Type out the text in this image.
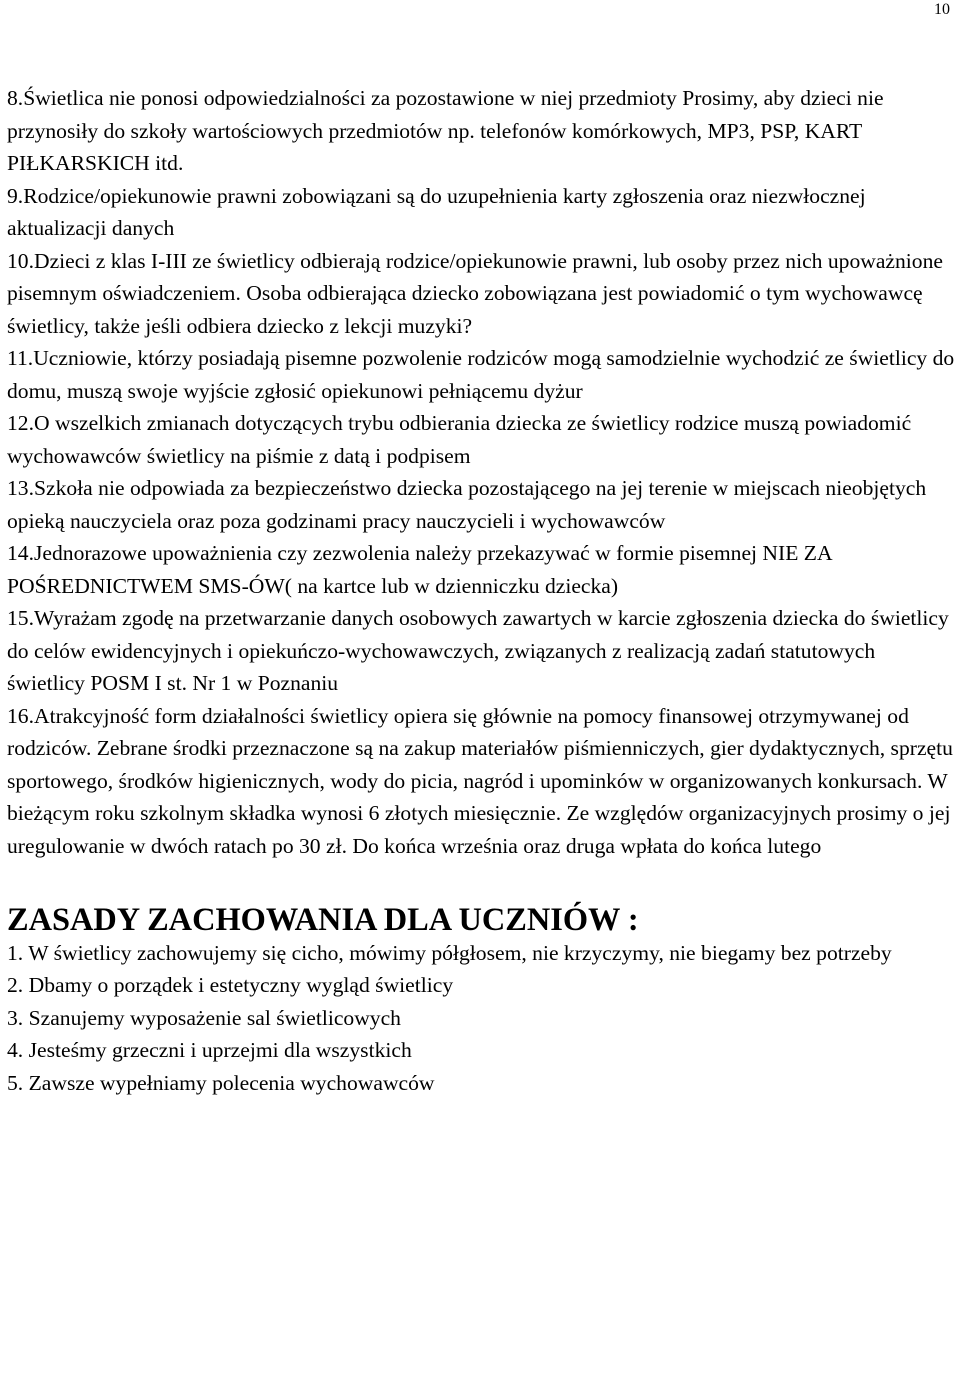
10

8.Świetlica nie ponosi odpowiedzialności za pozostawione w niej przedmioty Prosimy, aby dzieci nie przynosiły do szkoły wartościowych przedmiotów np. telefonów komórkowych, MP3, PSP, KART PIŁKARSKICH itd.

9.Rodzice/opiekunowie prawni zobowiązani są do uzupełnienia karty zgłoszenia oraz niezwłocznej aktualizacji danych

10.Dzieci z klas I-III ze świetlicy odbierają rodzice/opiekunowie prawni, lub osoby przez nich upoważnione pisemnym oświadczeniem. Osoba odbierająca dziecko zobowiązana jest powiadomić o tym wychowawcę świetlicy, także jeśli odbiera dziecko z lekcji muzyki?

11.Uczniowie, którzy posiadają pisemne pozwolenie rodziców mogą samodzielnie wychodzić ze świetlicy do domu, muszą swoje wyjście zgłosić opiekunowi pełniącemu dyżur

12.O wszelkich zmianach dotyczących trybu odbierania dziecka ze świetlicy rodzice muszą powiadomić wychowawców świetlicy na piśmie z datą i podpisem

13.Szkoła nie odpowiada za bezpieczeństwo dziecka pozostającego na jej terenie w miejscach nieobjętych opieką nauczyciela oraz poza godzinami pracy nauczycieli i wychowawców

14.Jednorazowe upoważnienia czy zezwolenia należy przekazywać w formie pisemnej NIE ZA POŚREDNICTWEM SMS-ÓW( na kartce lub w dzienniczku dziecka)

15.Wyrażam zgodę na przetwarzanie danych osobowych zawartych w karcie zgłoszenia dziecka do świetlicy do celów ewidencyjnych i opiekuńczo-wychowawczych, związanych z realizacją zadań statutowych świetlicy POSM I st. Nr 1 w Poznaniu

16.Atrakcyjność form działalności świetlicy opiera się głównie na pomocy finansowej otrzymywanej od rodziców. Zebrane środki przeznaczone są na zakup materiałów piśmienniczych, gier dydaktycznych, sprzętu sportowego, środków higienicznych, wody do picia, nagród i upominków w organizowanych konkursach. W bieżącym roku szkolnym składka wynosi 6 złotych miesięcznie. Ze względów organizacyjnych prosimy o jej uregulowanie w dwóch ratach po 30 zł. Do końca września oraz druga wpłata do końca lutego

ZASADY ZACHOWANIA DLA UCZNIÓW :

1. W świetlicy zachowujemy się cicho, mówimy półgłosem, nie krzyczymy, nie biegamy bez potrzeby

2. Dbamy o porządek i estetyczny wygląd świetlicy

3. Szanujemy wyposażenie sal świetlicowych

4. Jesteśmy grzeczni i uprzejmi dla wszystkich

5. Zawsze wypełniamy polecenia wychowawców
